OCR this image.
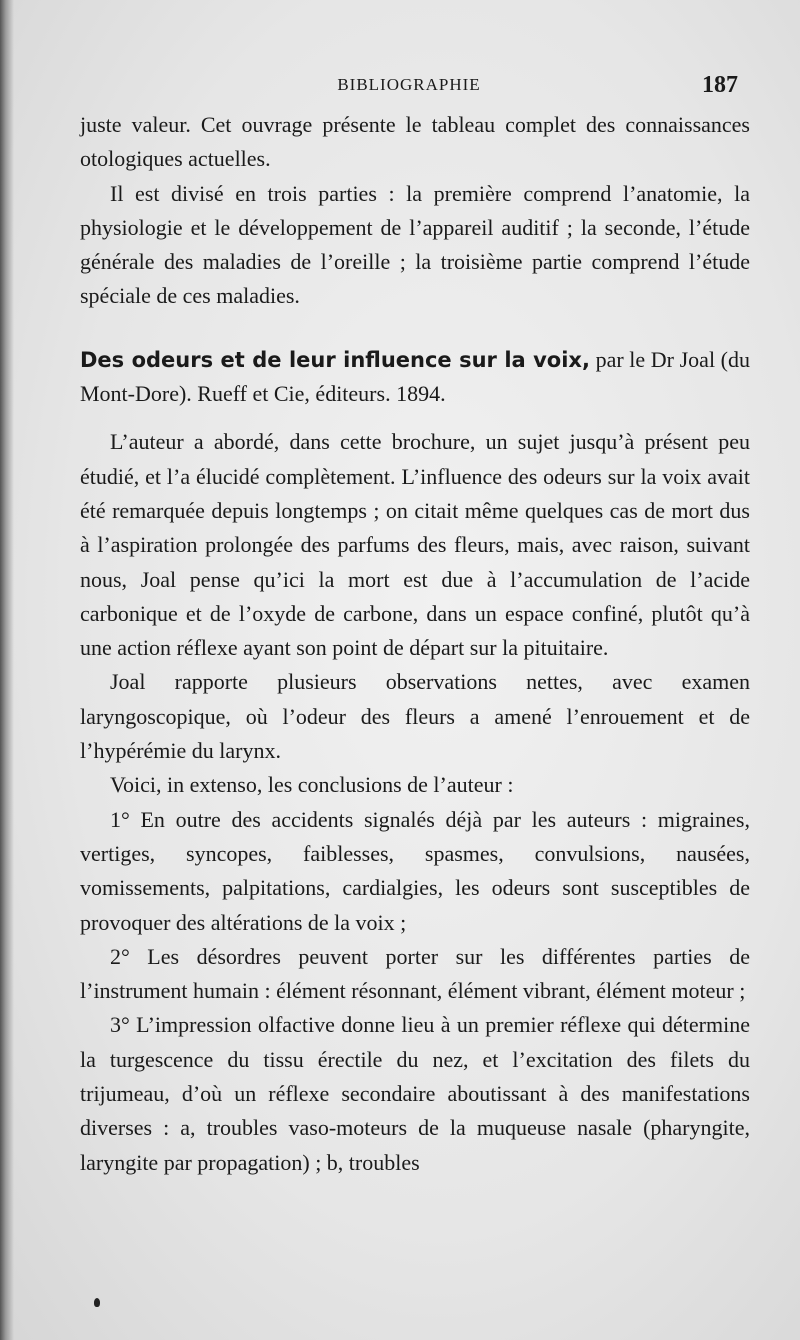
BIBLIOGRAPHIE	187

juste valeur. Cet ouvrage présente le tableau complet des connaissances otologiques actuelles.

Il est divisé en trois parties : la première comprend l’anatomie, la physiologie et le développement de l’appareil auditif ; la seconde, l’étude générale des maladies de l’oreille ; la troisième partie comprend l’étude spéciale de ces maladies.

Des odeurs et de leur influence sur la voix, par le Dr Joal (du Mont-Dore). Rueff et Cie, éditeurs. 1894.

L’auteur a abordé, dans cette brochure, un sujet jusqu’à présent peu étudié, et l’a élucidé complètement. L’influence des odeurs sur la voix avait été remarquée depuis longtemps ; on citait même quelques cas de mort dus à l’aspiration prolongée des parfums des fleurs, mais, avec raison, suivant nous, Joal pense qu’ici la mort est due à l’accumulation de l’acide carbonique et de l’oxyde de carbone, dans un espace confiné, plutôt qu’à une action réflexe ayant son point de départ sur la pituitaire.

Joal rapporte plusieurs observations nettes, avec examen laryngoscopique, où l’odeur des fleurs a amené l’enrouement et de l’hypérémie du larynx.

Voici, in extenso, les conclusions de l’auteur :

1° En outre des accidents signalés déjà par les auteurs : migraines, vertiges, syncopes, faiblesses, spasmes, convulsions, nausées, vomissements, palpitations, cardialgies, les odeurs sont susceptibles de provoquer des altérations de la voix ;

2° Les désordres peuvent porter sur les différentes parties de l’instrument humain : élément résonnant, élément vibrant, élément moteur ;

3° L’impression olfactive donne lieu à un premier réflexe qui détermine la turgescence du tissu érectile du nez, et l’excitation des filets du trijumeau, d’où un réflexe secondaire aboutissant à des manifestations diverses : a, troubles vaso-moteurs de la muqueuse nasale (pharyngite, laryngite par propagation) ; b, troubles
